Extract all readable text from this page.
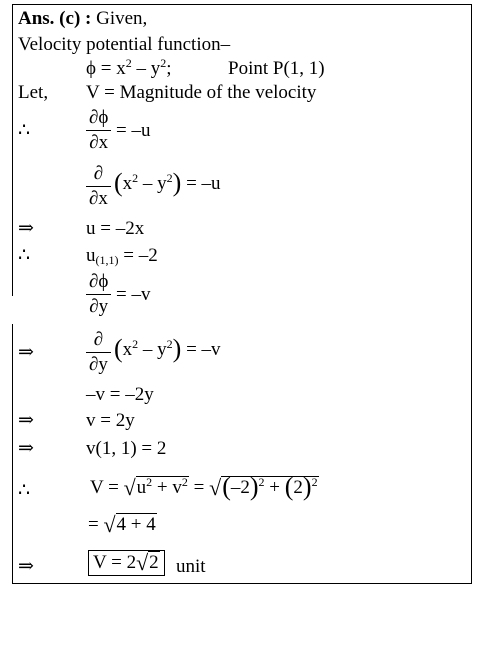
Ans. (c) : Given,
Velocity potential function–
$\phi = x^2 - y^2$;	Point P(1, 1)
Let, V = Magnitude of the velocity
∴	$\frac{\partial\phi}{\partial x} = -u$
∂
∂x
$(x^2 - y^2) = -u$
⇒	u = –2x
∴	$u_{(1,1)} = -2$
$\frac{\partial\phi}{\partial y} = -v$
⇒
∂
∂y
$(x^2 - y^2) = -v$
–v = –2y
⇒	v = 2y
⇒	v(1, 1) = 2
∴	$V = √u^2 + v^2 = √(-2)^2 + (2)^2$
= √4 + 4
⇒	V = 2√2 unit
